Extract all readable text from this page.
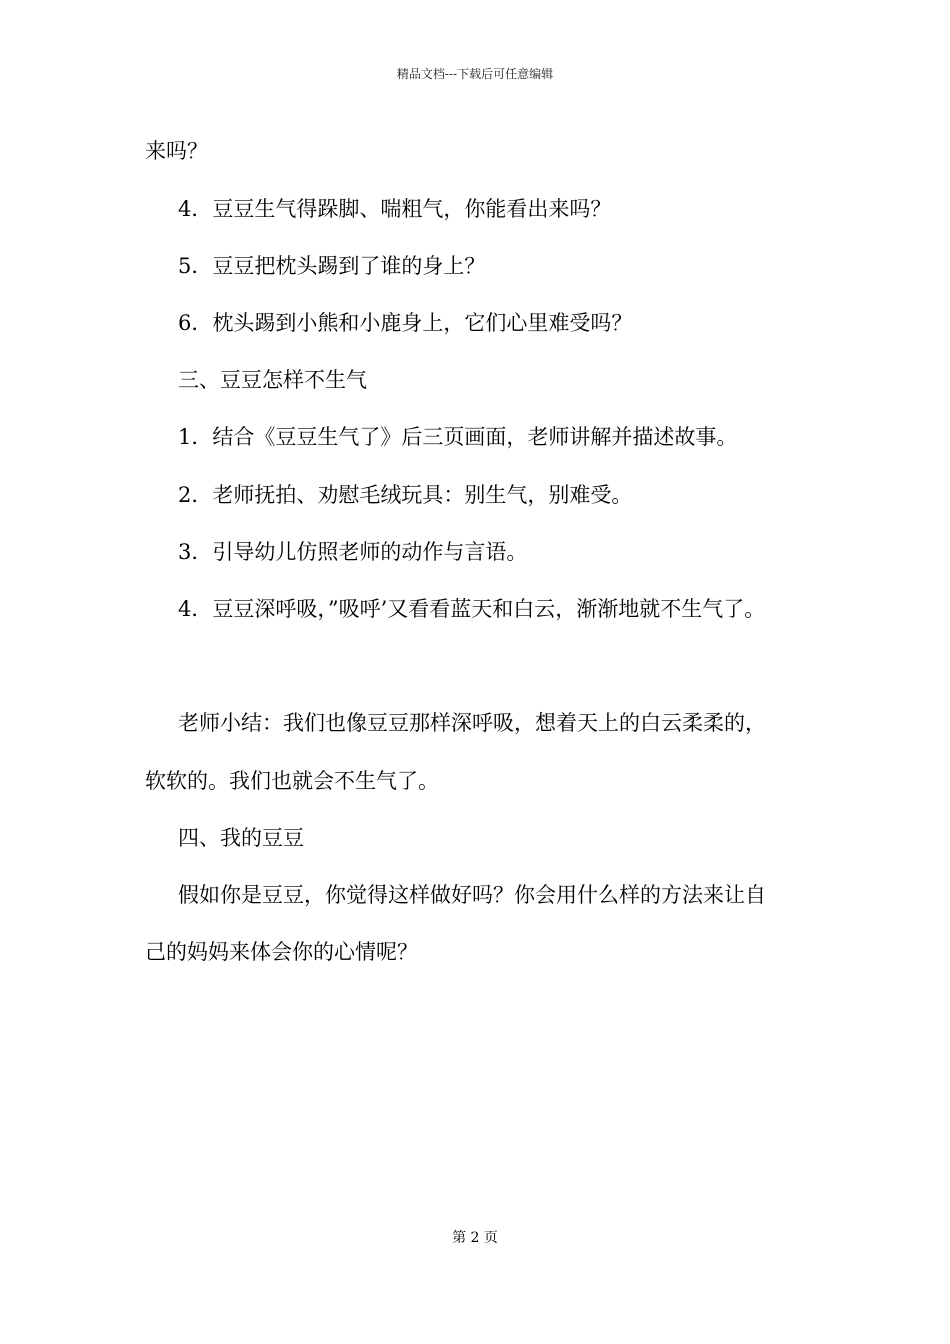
精品文档---下载后可任意编辑
来吗？
4．豆豆生气得跺脚、喘粗气，你能看出来吗？
5．豆豆把枕头踢到了谁的身上？
6．枕头踢到小熊和小鹿身上，它们心里难受吗？
三、豆豆怎样不生气
1．结合《豆豆生气了》后三页画面，老师讲解并描述故事。
2．老师抚拍、劝慰毛绒玩具：别生气，别难受。
3．引导幼儿仿照老师的动作与言语。
4．豆豆深呼吸，”吸呼’又看看蓝天和白云，渐渐地就不生气了。
老师小结：我们也像豆豆那样深呼吸，想着天上的白云柔柔的，
软软的。我们也就会不生气了。
四、我的豆豆
假如你是豆豆，你觉得这样做好吗？你会用什么样的方法来让自
己的妈妈来体会你的心情呢？
第 2 页
